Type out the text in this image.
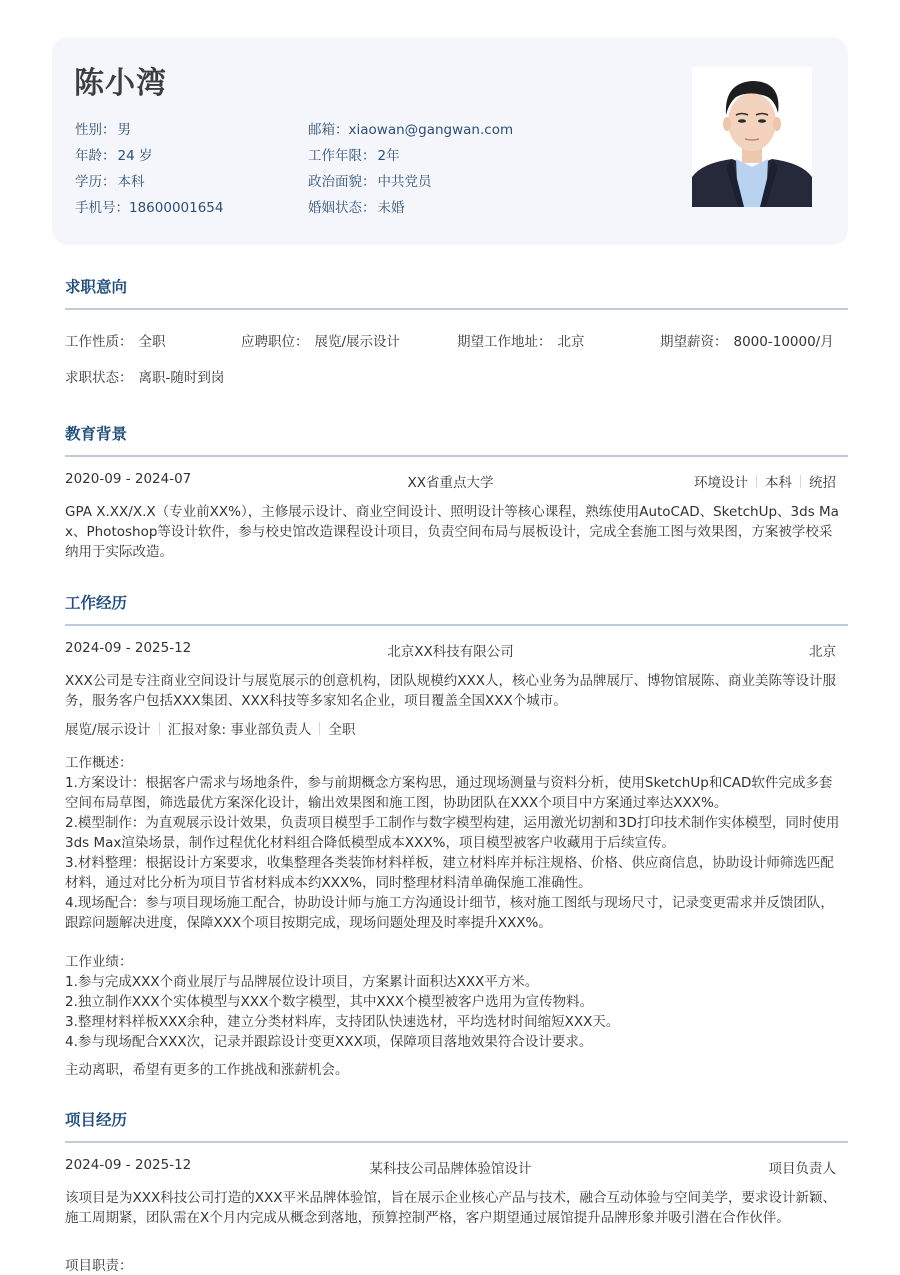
陈小湾
性别： 男
年龄： 24 岁
学历： 本科
手机号：18600001654
邮箱：xiaowan@gangwan.com
工作年限： 2年
政治面貌： 中共党员
婚姻状态： 未婚
求职意向
工作性质： 全职	应聘职位： 展览/展示设计	期望工作地址： 北京	期望薪资： 8000-10000/月
求职状态： 离职-随时到岗
教育背景
2020-09 - 2024-07	XX省重点大学	环境设计 本科 统招
GPA X.XX/X.X（专业前XX%），主修展示设计、商业空间设计、照明设计等核心课程，熟练使用AutoCAD、SketchUp、3ds Max、Photoshop等设计软件，参与校史馆改造课程设计项目，负责空间布局与展板设计，完成全套施工图与效果图，方案被学校采纳用于实际改造。
工作经历
2024-09 - 2025-12	北京XX科技有限公司	北京
XXX公司是专注商业空间设计与展览展示的创意机构，团队规模约XXX人，核心业务为品牌展厅、博物馆展陈、商业美陈等设计服务，服务客户包括XXX集团、XXX科技等多家知名企业，项目覆盖全国XXX个城市。
展览/展示设计 汇报对象: 事业部负责人 全职
工作概述：
1.方案设计：根据客户需求与场地条件，参与前期概念方案构思，通过现场测量与资料分析，使用SketchUp和CAD软件完成多套空间布局草图，筛选最优方案深化设计，输出效果图和施工图，协助团队在XXX个项目中方案通过率达XXX%。
2.模型制作：为直观展示设计效果，负责项目模型手工制作与数字模型构建，运用激光切割和3D打印技术制作实体模型，同时使用3ds Max渲染场景，制作过程优化材料组合降低模型成本XXX%，项目模型被客户收藏用于后续宣传。
3.材料整理：根据设计方案要求，收集整理各类装饰材料样板，建立材料库并标注规格、价格、供应商信息，协助设计师筛选匹配材料，通过对比分析为项目节省材料成本约XXX%，同时整理材料清单确保施工准确性。
4.现场配合：参与项目现场施工配合，协助设计师与施工方沟通设计细节，核对施工图纸与现场尺寸，记录变更需求并反馈团队，跟踪问题解决进度，保障XXX个项目按期完成，现场问题处理及时率提升XXX%。
工作业绩：
1.参与完成XXX个商业展厅与品牌展位设计项目，方案累计面积达XXX平方米。
2.独立制作XXX个实体模型与XXX个数字模型，其中XXX个模型被客户选用为宣传物料。
3.整理材料样板XXX余种，建立分类材料库，支持团队快速选材，平均选材时间缩短XXX天。
4.参与现场配合XXX次，记录并跟踪设计变更XXX项，保障项目落地效果符合设计要求。
主动离职，希望有更多的工作挑战和涨薪机会。
项目经历
2024-09 - 2025-12	某科技公司品牌体验馆设计	项目负责人
该项目是为XXX科技公司打造的XXX平米品牌体验馆，旨在展示企业核心产品与技术，融合互动体验与空间美学，要求设计新颖、施工周期紧，团队需在X个月内完成从概念到落地，预算控制严格，客户期望通过展馆提升品牌形象并吸引潜在合作伙伴。
项目职责：
